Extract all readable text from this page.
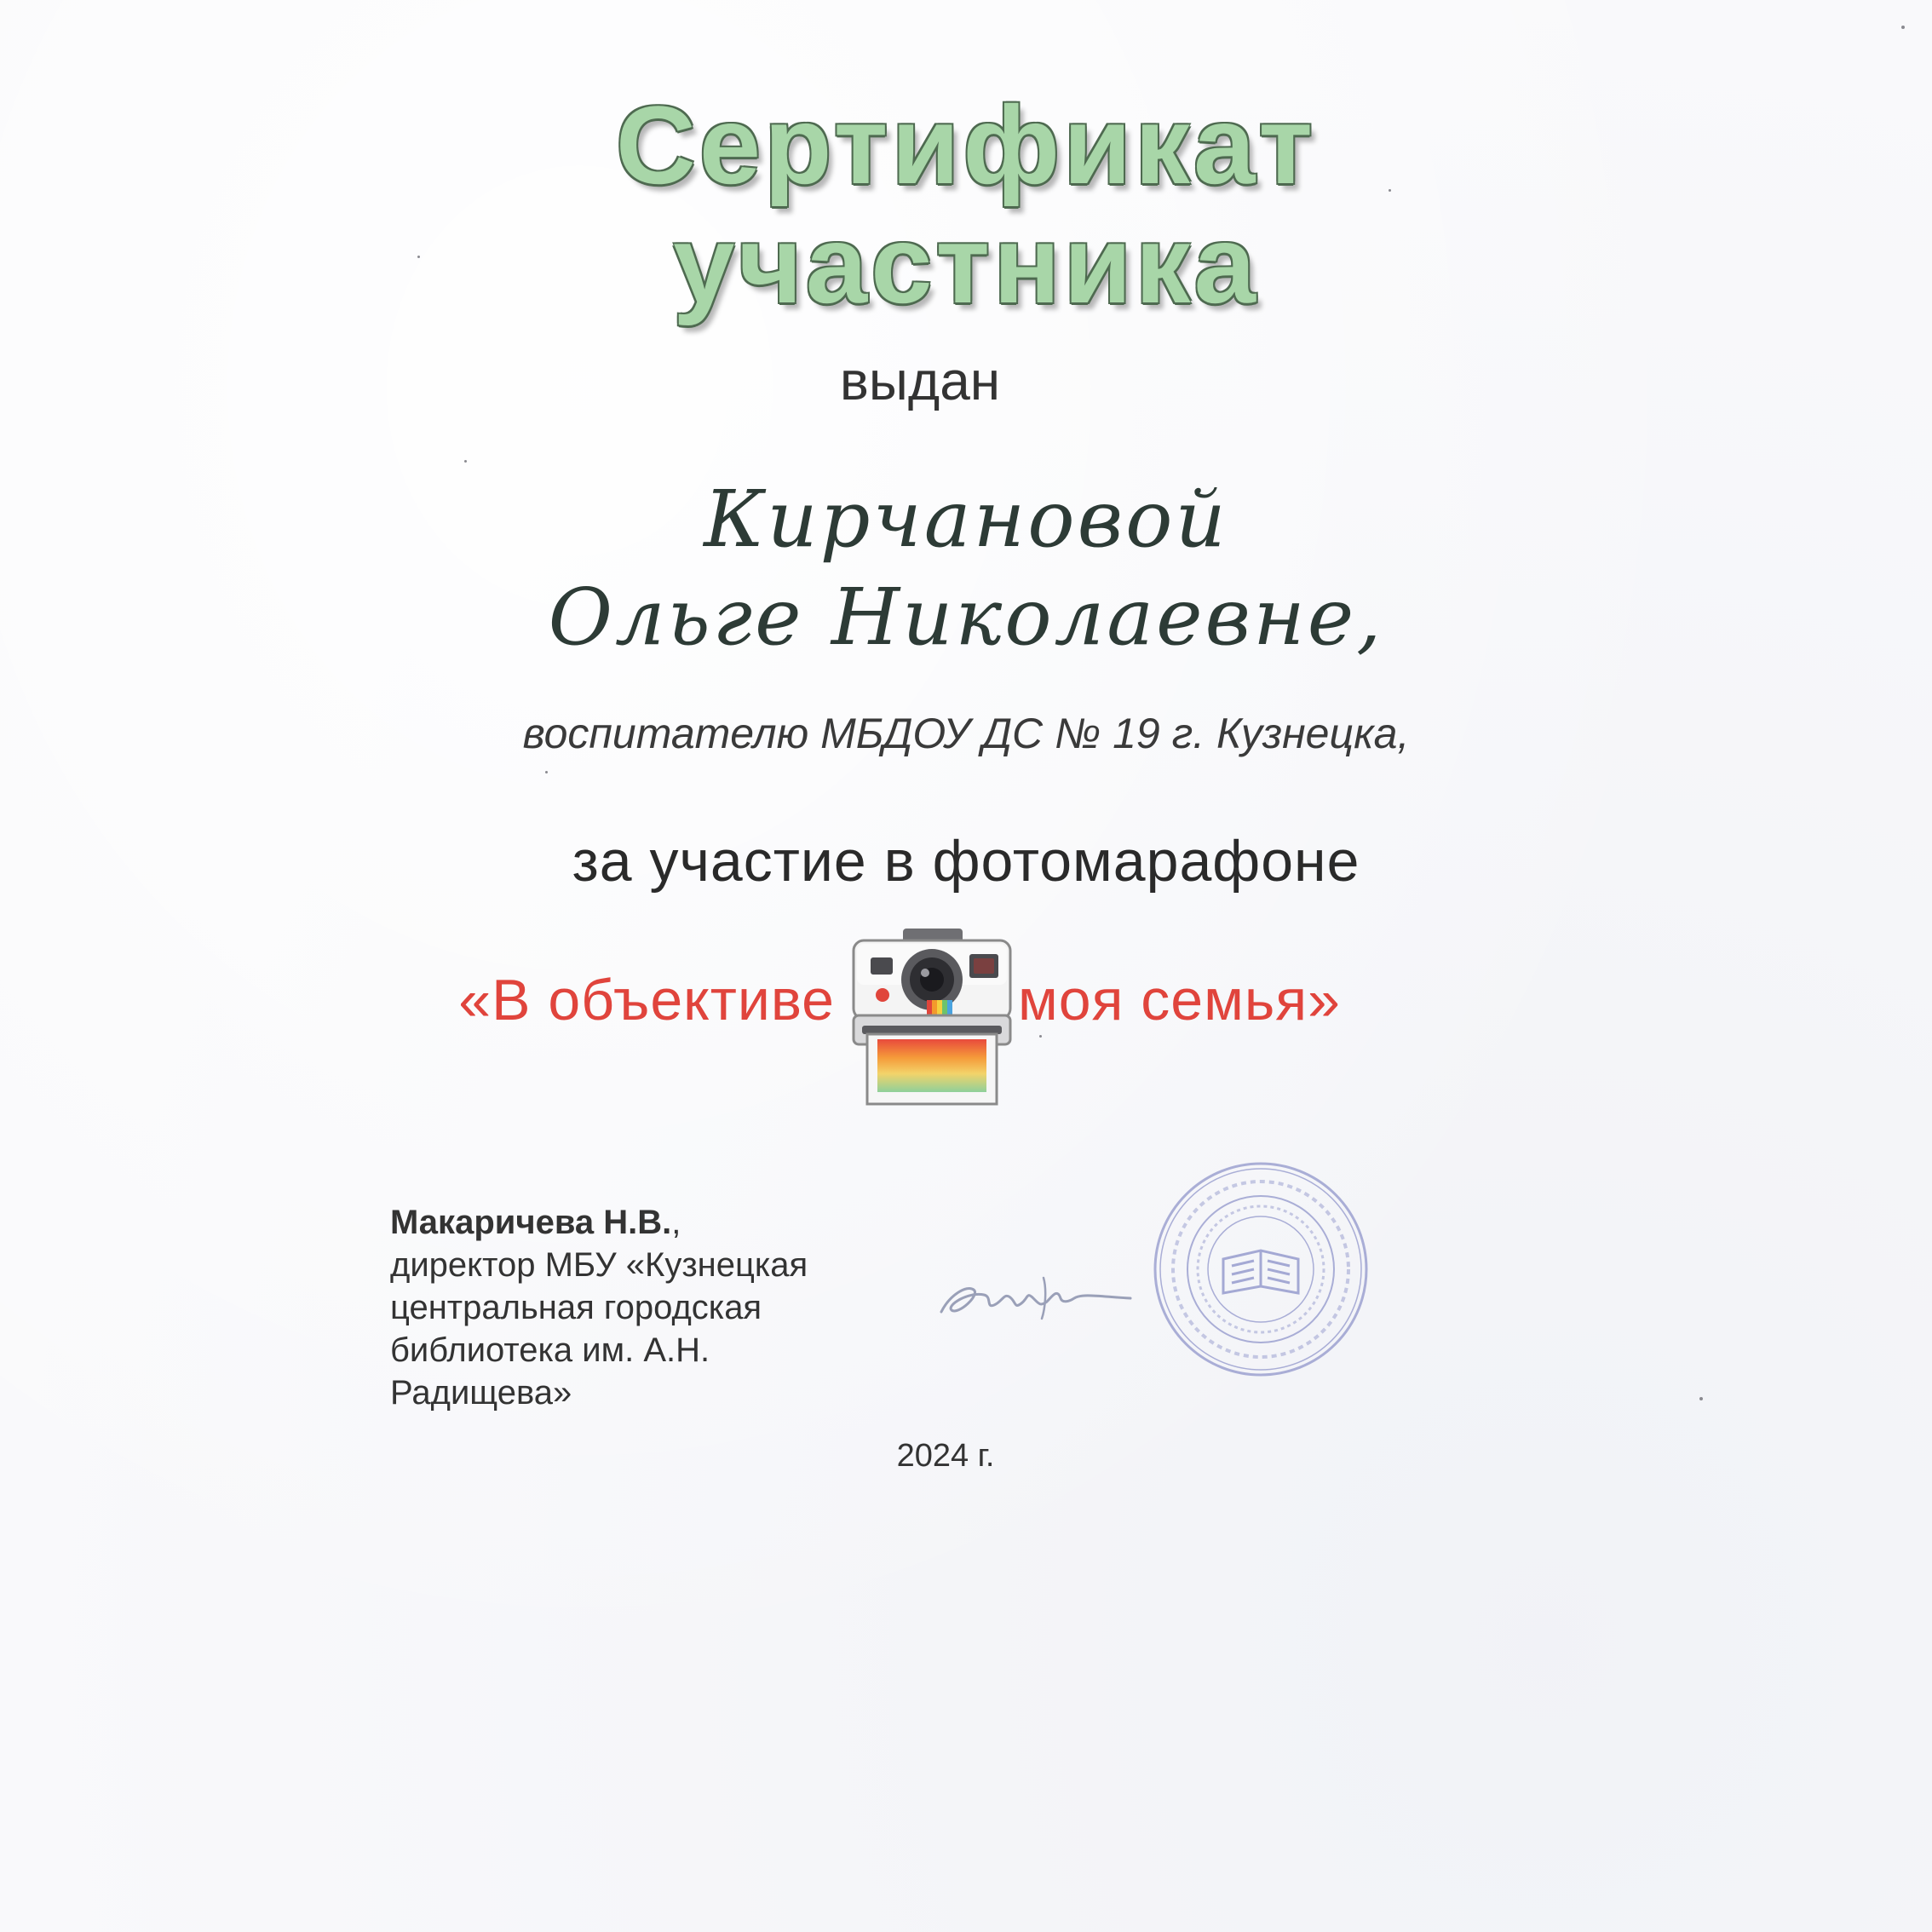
Сертификат
участника
выдан
Кирчановой
Ольге Николаевне,
воспитателю МБДОУ ДС № 19 г. Кузнецка,
за участие в фотомарафоне
«В объективе	моя семья»
Макаричева Н.В.,
директор МБУ «Кузнецкая
центральная городская
библиотека им. А.Н.
Радищева»
2024 г.
